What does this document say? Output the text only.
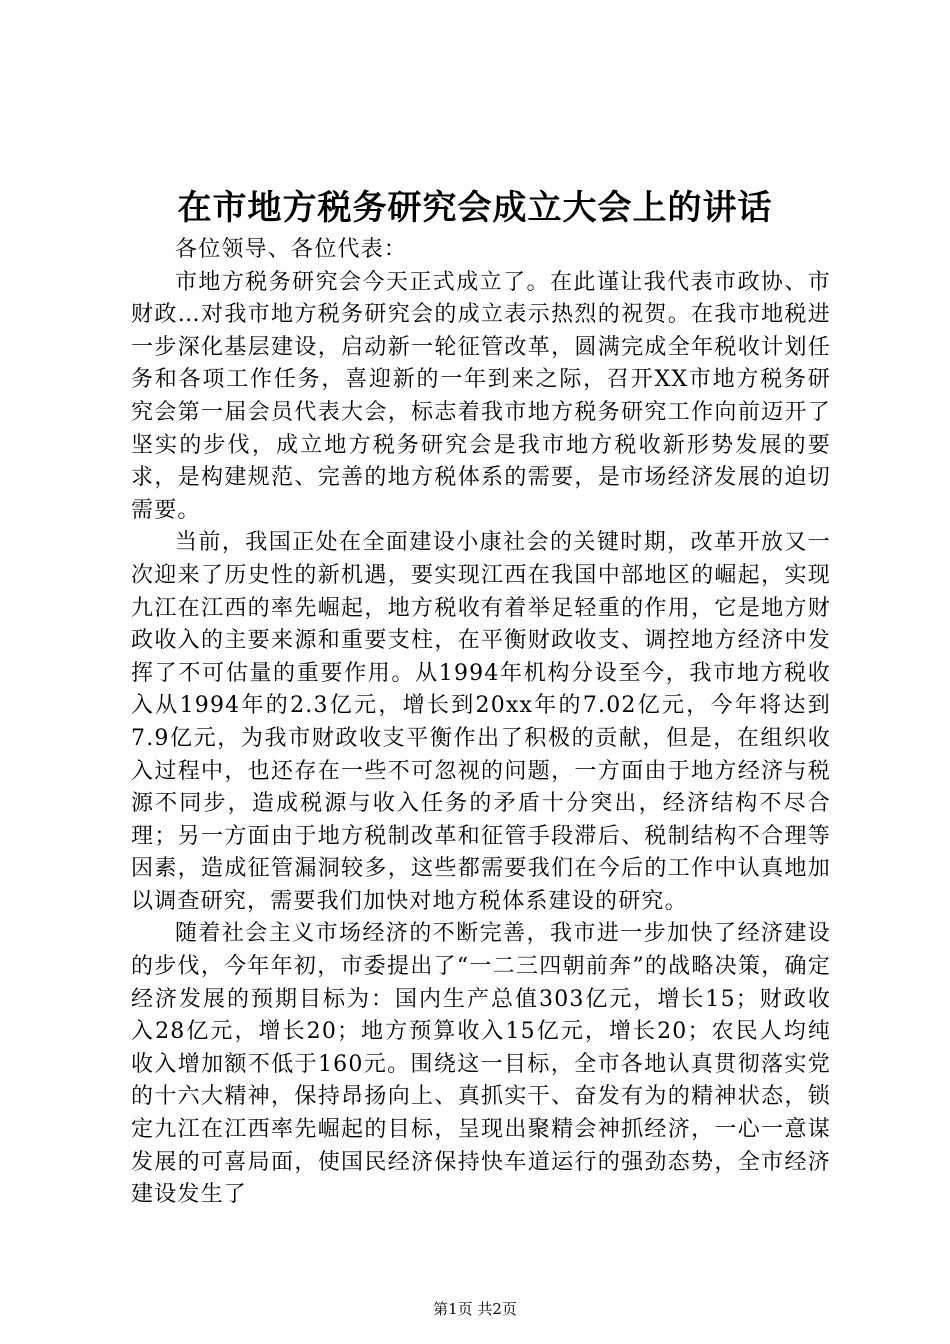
在市地方税务研究会成立大会上的讲话

各位领导、各位代表：

市地方税务研究会今天正式成立了。在此谨让我代表市政协、市财政…对我市地方税务研究会的成立表示热烈的祝贺。在我市地税进一步深化基层建设，启动新一轮征管改革，圆满完成全年税收计划任务和各项工作任务，喜迎新的一年到来之际，召开XX市地方税务研究会第一届会员代表大会，标志着我市地方税务研究工作向前迈开了坚实的步伐，成立地方税务研究会是我市地方税收新形势发展的要求，是构建规范、完善的地方税体系的需要，是市场经济发展的迫切需要。

当前，我国正处在全面建设小康社会的关键时期，改革开放又一次迎来了历史性的新机遇，要实现江西在我国中部地区的崛起，实现九江在江西的率先崛起，地方税收有着举足轻重的作用，它是地方财政收入的主要来源和重要支柱，在平衡财政收支、调控地方经济中发挥了不可估量的重要作用。从1994年机构分设至今，我市地方税收入从1994年的2.3亿元，增长到20xx年的7.02亿元，今年将达到7.9亿元，为我市财政收支平衡作出了积极的贡献，但是，在组织收入过程中，也还存在一些不可忽视的问题，一方面由于地方经济与税源不同步，造成税源与收入任务的矛盾十分突出，经济结构不尽合理；另一方面由于地方税制改革和征管手段滞后、税制结构不合理等因素，造成征管漏洞较多，这些都需要我们在今后的工作中认真地加以调查研究，需要我们加快对地方税体系建设的研究。

随着社会主义市场经济的不断完善，我市进一步加快了经济建设的步伐，今年年初，市委提出了“一二三四朝前奔”的战略决策，确定经济发展的预期目标为：国内生产总值303亿元，增长15；财政收入28亿元，增长20；地方预算收入15亿元，增长20；农民人均纯收入增加额不低于160元。围绕这一目标，全市各地认真贯彻落实党的十六大精神，保持昂扬向上、真抓实干、奋发有为的精神状态，锁定九江在江西率先崛起的目标，呈现出聚精会神抓经济，一心一意谋发展的可喜局面，使国民经济保持快车道运行的强劲态势，全市经济建设发生了

第1页 共2页
